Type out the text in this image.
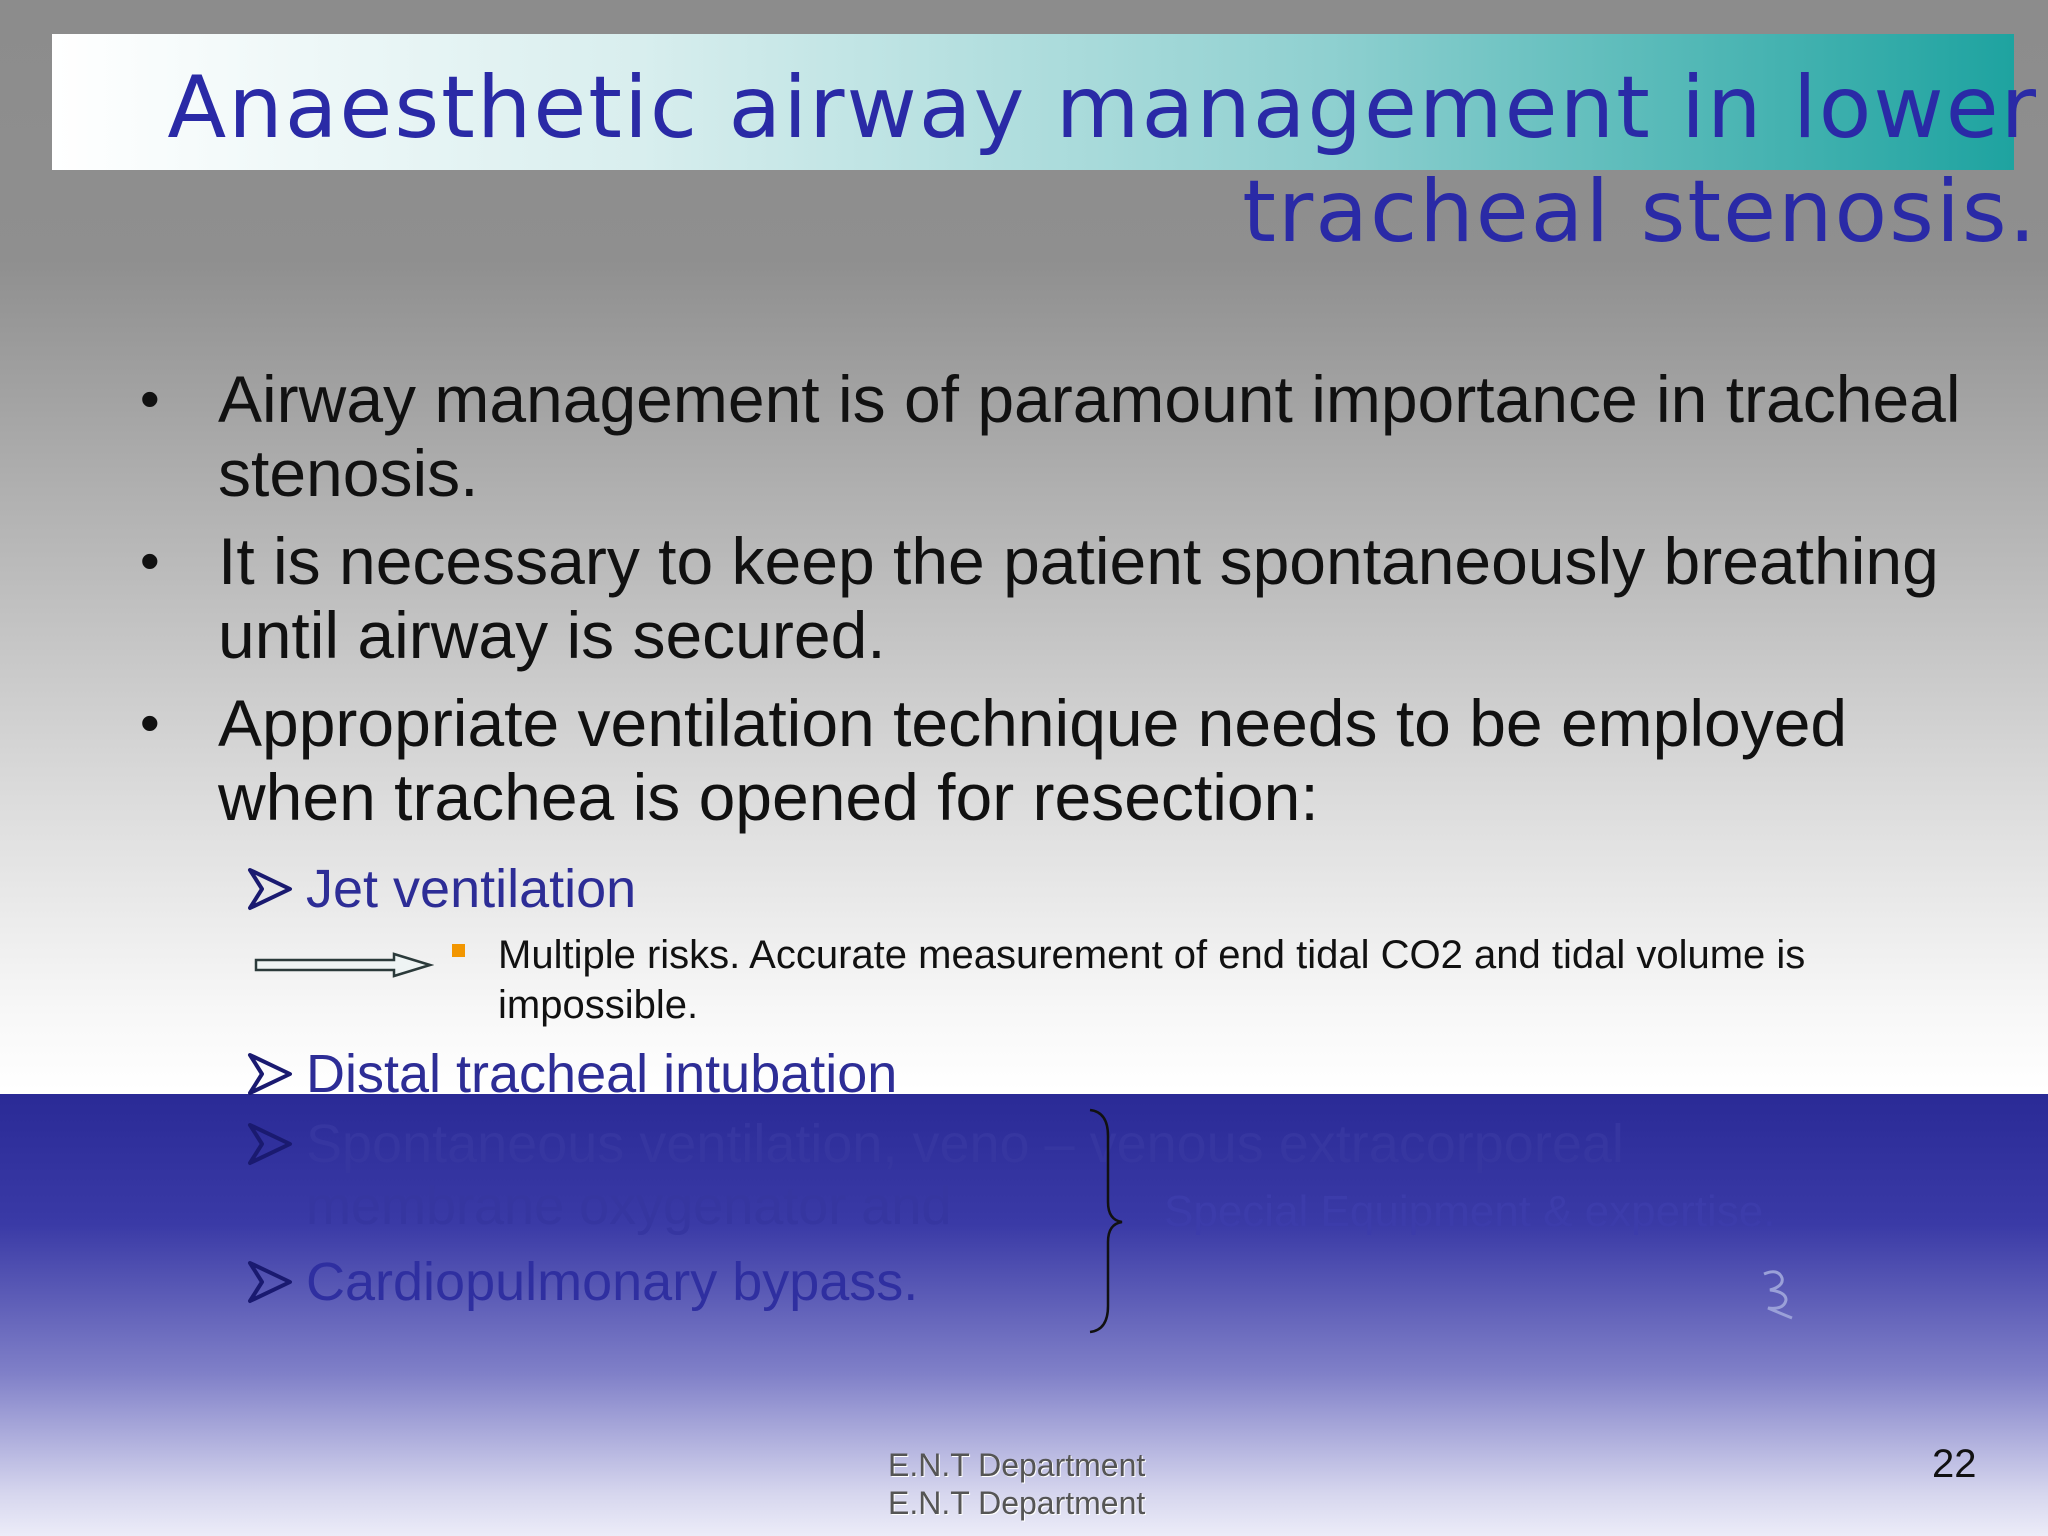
Anaesthetic airway management in lower
tracheal stenosis.

• Airway management is of paramount importance in tracheal stenosis.

• It is necessary to keep the patient spontaneously breathing until airway is secured.

• Appropriate ventilation technique needs to be employed when trachea is opened for resection:

Jet ventilation
Multiple risks. Accurate measurement of end tidal CO2 and tidal volume is impossible.
Distal tracheal intubation
Spontaneous ventilation, veno – venous extracorporeal
membrane oxygenator and
Cardiopulmonary bypass.
Special Equipment & expertise.
E.N.T Department
E.N.T Department
22
